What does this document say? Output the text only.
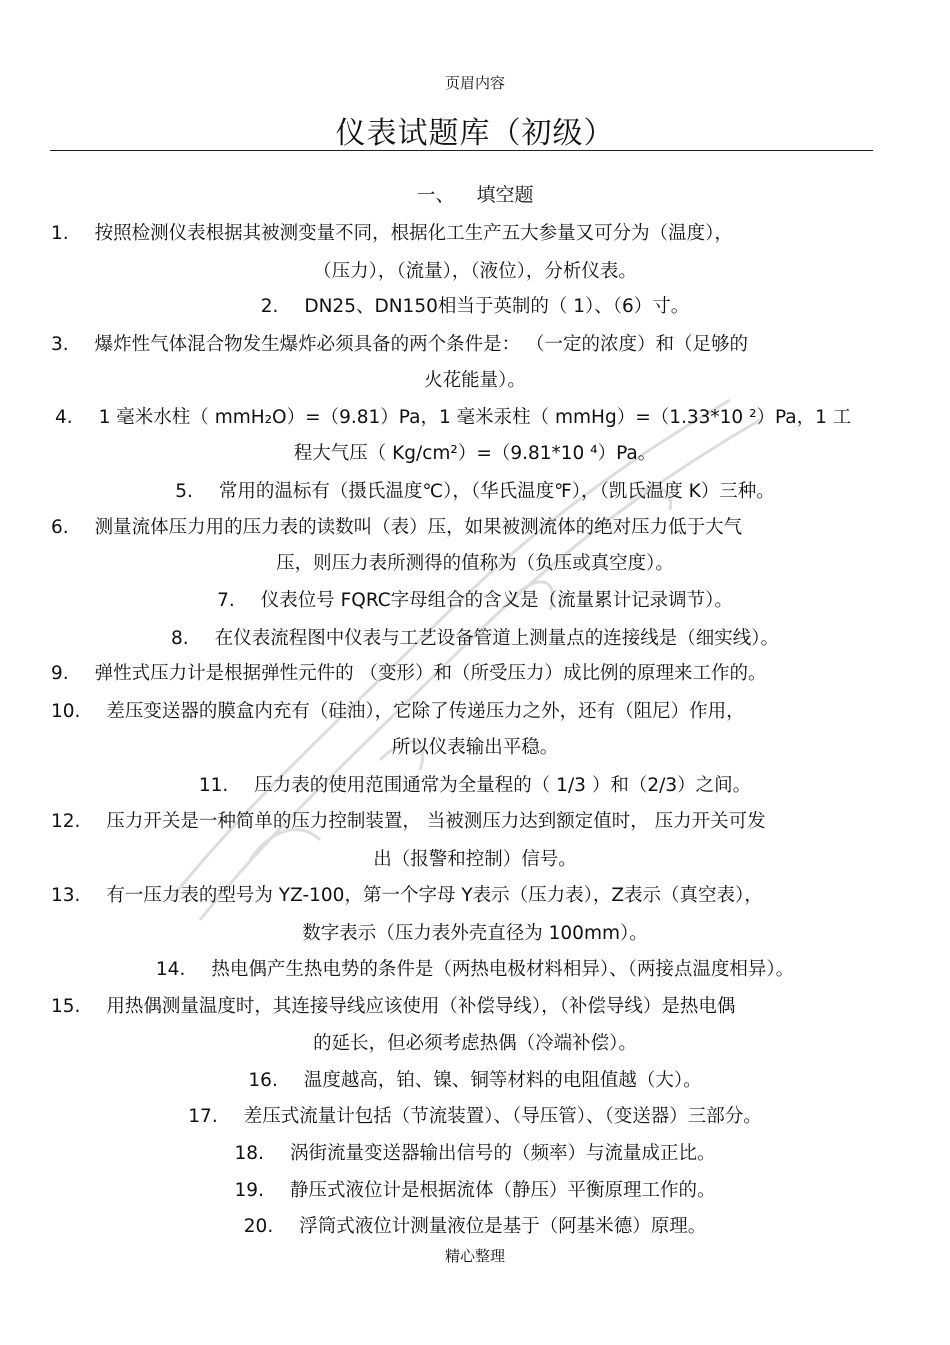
页眉内容
仪表试题库（初级）
一、 填空题
1. 按照检测仪表根据其被测变量不同，根据化工生产五大参量又可分为（温度），
（压力），（流量），（液位），分析仪表。
2. DN25、DN150相当于英制的（ 1）、（6）寸。
3. 爆炸性气体混合物发生爆炸必须具备的两个条件是： （一定的浓度）和（足够的
火花能量）。
4. 1 毫米水柱（ mmH₂O）=（9.81）Pa，1 毫米汞柱（ mmHg）=（1.33*10 ²）Pa，1 工
程大气压（ Kg/cm²）=（9.81*10 ⁴）Pa。
5. 常用的温标有（摄氏温度℃），（华氏温度℉），（凯氏温度 K）三种。
6. 测量流体压力用的压力表的读数叫（表）压，如果被测流体的绝对压力低于大气
压，则压力表所测得的值称为（负压或真空度）。
7. 仪表位号 FQRC字母组合的含义是（流量累计记录调节）。
8. 在仪表流程图中仪表与工艺设备管道上测量点的连接线是（细实线）。
9. 弹性式压力计是根据弹性元件的 （变形）和（所受压力）成比例的原理来工作的。
10. 差压变送器的膜盒内充有（硅油），它除了传递压力之外，还有（阻尼）作用，
所以仪表输出平稳。
11. 压力表的使用范围通常为全量程的（ 1/3 ）和（2/3）之间。
12. 压力开关是一种简单的压力控制装置， 当被测压力达到额定值时， 压力开关可发
出（报警和控制）信号。
13. 有一压力表的型号为 YZ-100，第一个字母 Y表示（压力表），Z表示（真空表），
数字表示（压力表外壳直径为 100mm）。
14. 热电偶产生热电势的条件是（两热电极材料相异）、（两接点温度相异）。
15. 用热偶测量温度时，其连接导线应该使用（补偿导线），（补偿导线）是热电偶
的延长，但必须考虑热偶（冷端补偿）。
16. 温度越高，铂、镍、铜等材料的电阻值越（大）。
17. 差压式流量计包括（节流装置）、（导压管）、（变送器）三部分。
18. 涡街流量变送器输出信号的（频率）与流量成正比。
19. 静压式液位计是根据流体（静压）平衡原理工作的。
20. 浮筒式液位计测量液位是基于（阿基米德）原理。
精心整理
